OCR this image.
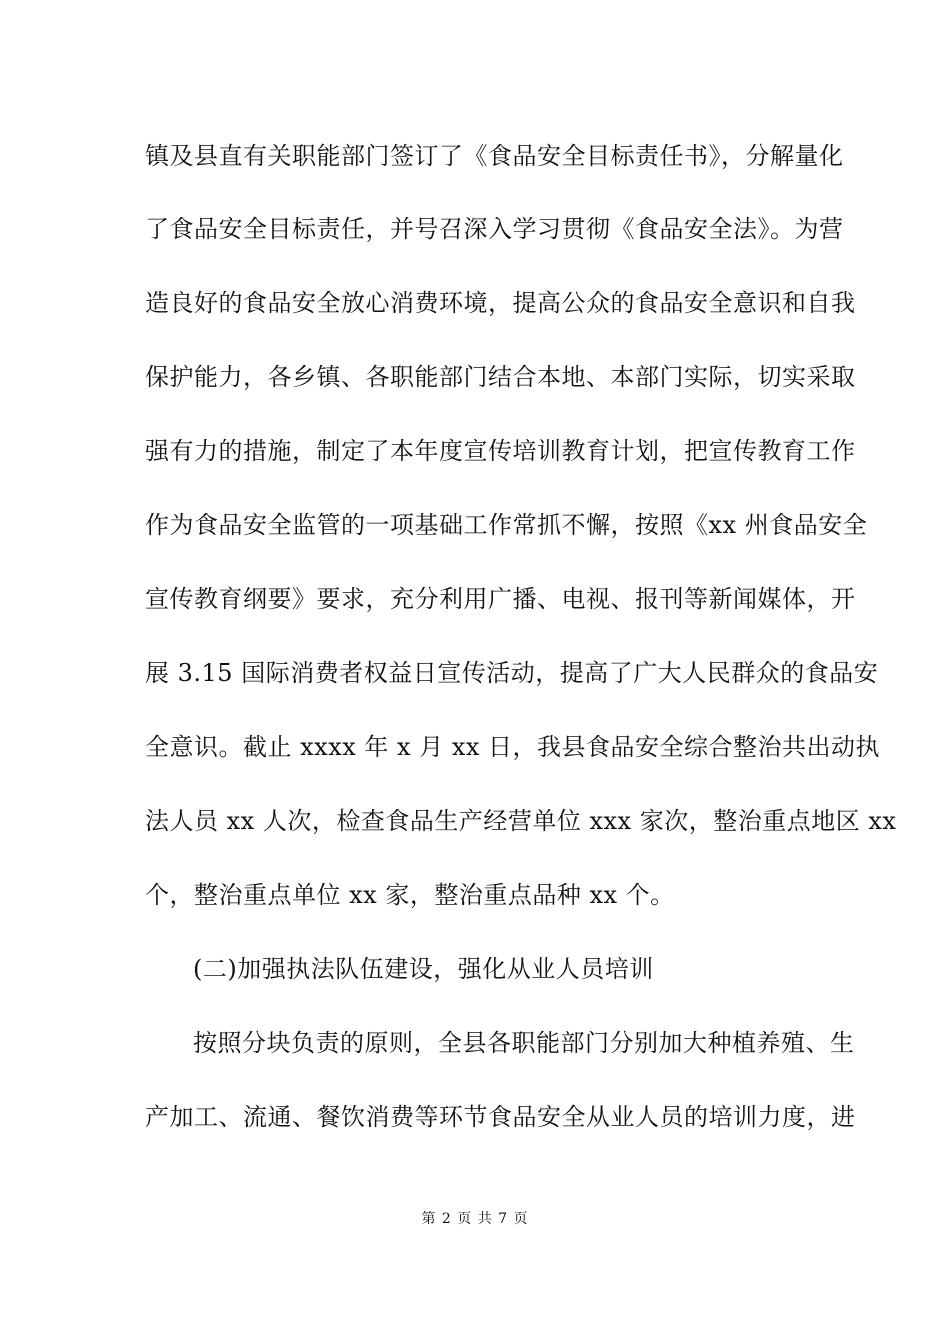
镇及县直有关职能部门签订了《食品安全目标责任书》，分解量化
了食品安全目标责任，并号召深入学习贯彻《食品安全法》。为营
造良好的食品安全放心消费环境，提高公众的食品安全意识和自我
保护能力，各乡镇、各职能部门结合本地、本部门实际，切实采取
强有力的措施，制定了本年度宣传培训教育计划，把宣传教育工作
作为食品安全监管的一项基础工作常抓不懈，按照《xx 州食品安全
宣传教育纲要》要求，充分利用广播、电视、报刊等新闻媒体，开
展 3.15 国际消费者权益日宣传活动，提高了广大人民群众的食品安
全意识。截止 xxxx 年 x 月 xx 日，我县食品安全综合整治共出动执
法人员 xx 人次，检查食品生产经营单位 xxx 家次，整治重点地区 xx
个，整治重点单位 xx 家，整治重点品种 xx 个。
(二)加强执法队伍建设，强化从业人员培训
按照分块负责的原则，全县各职能部门分别加大种植养殖、生
产加工、流通、餐饮消费等环节食品安全从业人员的培训力度，进
第 2 页 共 7 页
